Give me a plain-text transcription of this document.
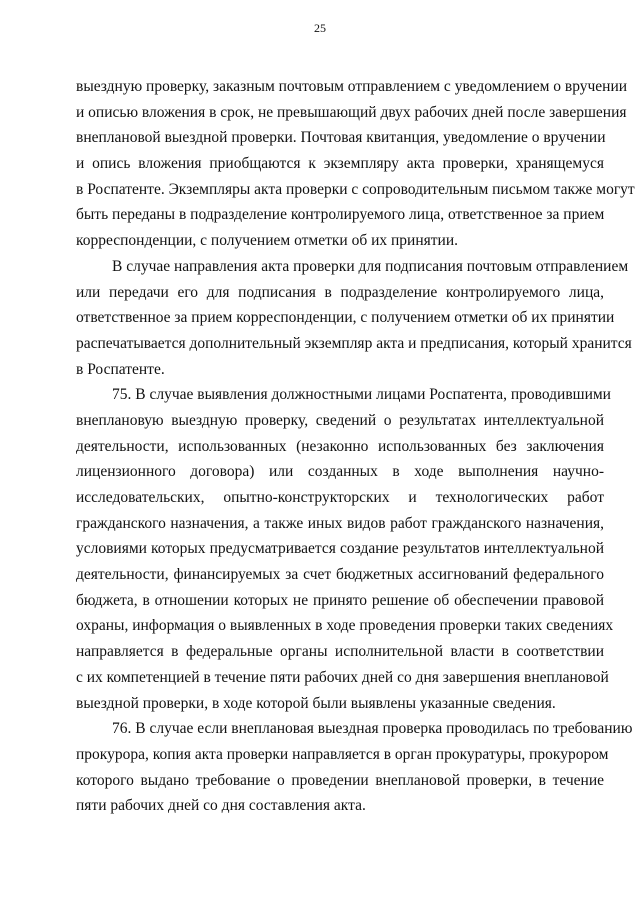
25
выездную проверку, заказным почтовым отправлением с уведомлением о вручении
и описью вложения в срок, не превышающий двух рабочих дней после завершения
внеплановой выездной проверки. Почтовая квитанция, уведомление о вручении
и опись вложения приобщаются к экземпляру акта проверки, хранящемуся
в Роспатенте. Экземпляры акта проверки с сопроводительным письмом также могут
быть переданы в подразделение контролируемого лица, ответственное за прием
корреспонденции, с получением отметки об их принятии.
В случае направления акта проверки для подписания почтовым отправлением
или передачи его для подписания в подразделение контролируемого лица,
ответственное за прием корреспонденции, с получением отметки об их принятии
распечатывается дополнительный экземпляр акта и предписания, который хранится
в Роспатенте.
75. В случае выявления должностными лицами Роспатента, проводившими
внеплановую выездную проверку, сведений о результатах интеллектуальной
деятельности, использованных (незаконно использованных без заключения
лицензионного договора) или созданных в ходе выполнения научно-
исследовательских, опытно-конструкторских и технологических работ
гражданского назначения, а также иных видов работ гражданского назначения,
условиями которых предусматривается создание результатов интеллектуальной
деятельности, финансируемых за счет бюджетных ассигнований федерального
бюджета, в отношении которых не принято решение об обеспечении правовой
охраны, информация о выявленных в ходе проведения проверки таких сведениях
направляется в федеральные органы исполнительной власти в соответствии
с их компетенцией в течение пяти рабочих дней со дня завершения внеплановой
выездной проверки, в ходе которой были выявлены указанные сведения.
76. В случае если внеплановая выездная проверка проводилась по требованию
прокурора, копия акта проверки направляется в орган прокуратуры, прокурором
которого выдано требование о проведении внеплановой проверки, в течение
пяти рабочих дней со дня составления акта.
